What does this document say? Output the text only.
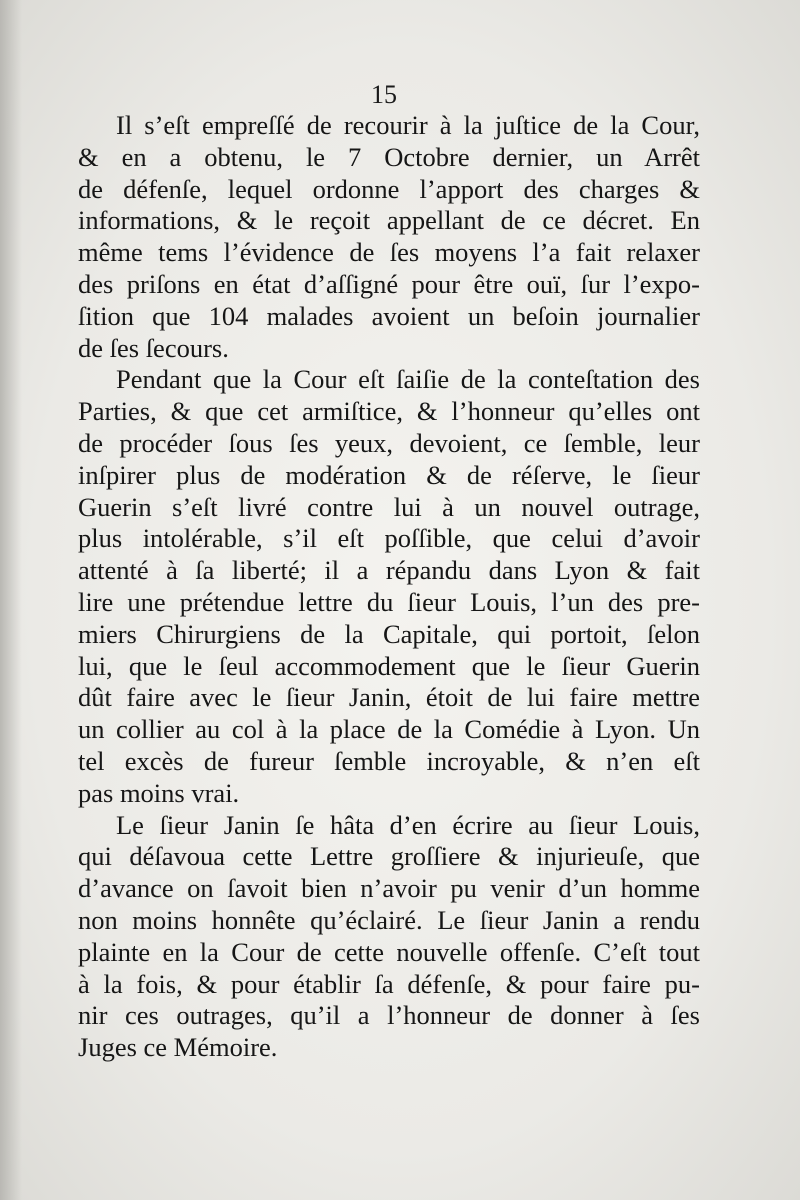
15
Il s’eſt empreſſé de recourir à la juſtice de la Cour,
& en a obtenu, le 7 Octobre dernier, un Arrêt
de défenſe, lequel ordonne l’apport des charges &
informations, & le reçoit appellant de ce décret. En
même tems l’évidence de ſes moyens l’a fait relaxer
des priſons en état d’aſſigné pour être ouï, ſur l’expo-
ſition que 104 malades avoient un beſoin journalier
de ſes ſecours.
Pendant que la Cour eſt ſaiſie de la conteſtation des
Parties, & que cet armiſtice, & l’honneur qu’elles ont
de procéder ſous ſes yeux, devoient, ce ſemble, leur
inſpirer plus de modération & de réſerve, le ſieur
Guerin s’eſt livré contre lui à un nouvel outrage,
plus intolérable, s’il eſt poſſible, que celui d’avoir
attenté à ſa liberté; il a répandu dans Lyon & fait
lire une prétendue lettre du ſieur Louis, l’un des pre-
miers Chirurgiens de la Capitale, qui portoit, ſelon
lui, que le ſeul accommodement que le ſieur Guerin
dût faire avec le ſieur Janin, étoit de lui faire mettre
un collier au col à la place de la Comédie à Lyon. Un
tel excès de fureur ſemble incroyable, & n’en eſt
pas moins vrai.
Le ſieur Janin ſe hâta d’en écrire au ſieur Louis,
qui déſavoua cette Lettre groſſiere & injurieuſe, que
d’avance on ſavoit bien n’avoir pu venir d’un homme
non moins honnête qu’éclairé. Le ſieur Janin a rendu
plainte en la Cour de cette nouvelle offenſe. C’eſt tout
à la fois, & pour établir ſa défenſe, & pour faire pu-
nir ces outrages, qu’il a l’honneur de donner à ſes
Juges ce Mémoire.
